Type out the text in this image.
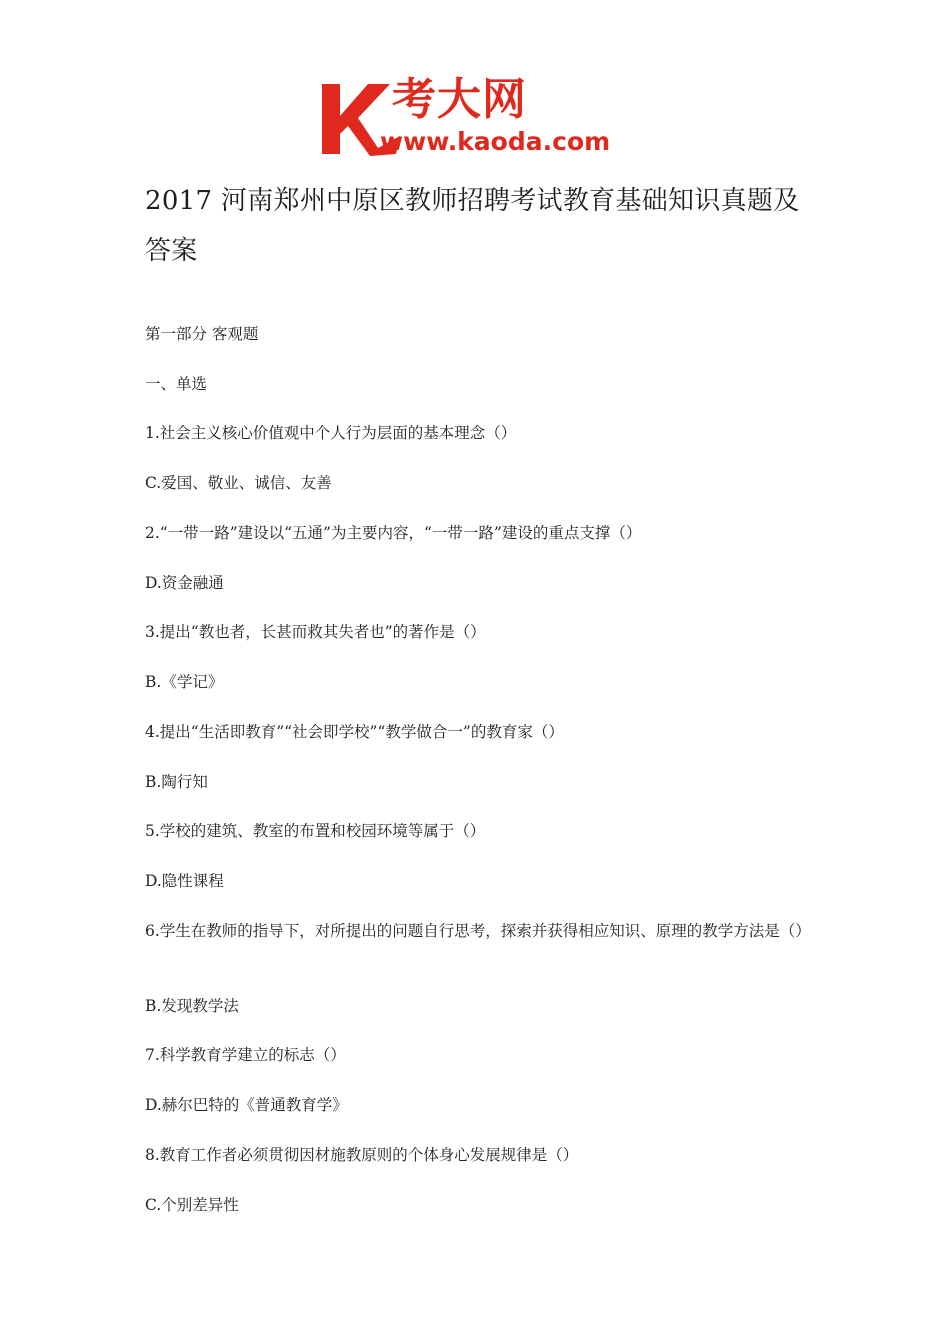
考大网
www.kaoda.com
2017 河南郑州中原区教师招聘考试教育基础知识真题及答案
第一部分 客观题
一、单选
1.社会主义核心价值观中个人行为层面的基本理念（）
C.爱国、敬业、诚信、友善
2.“一带一路”建设以“五通”为主要内容，“一带一路”建设的重点支撑（）
D.资金融通
3.提出“教也者，长甚而救其失者也”的著作是（）
B.《学记》
4.提出“生活即教育”“社会即学校”“教学做合一”的教育家（）
B.陶行知
5.学校的建筑、教室的布置和校园环境等属于（）
D.隐性课程
6.学生在教师的指导下，对所提出的问题自行思考，探索并获得相应知识、原理的教学方法是（）
B.发现教学法
7.科学教育学建立的标志（）
D.赫尔巴特的《普通教育学》
8.教育工作者必须贯彻因材施教原则的个体身心发展规律是（）
C.个别差异性
